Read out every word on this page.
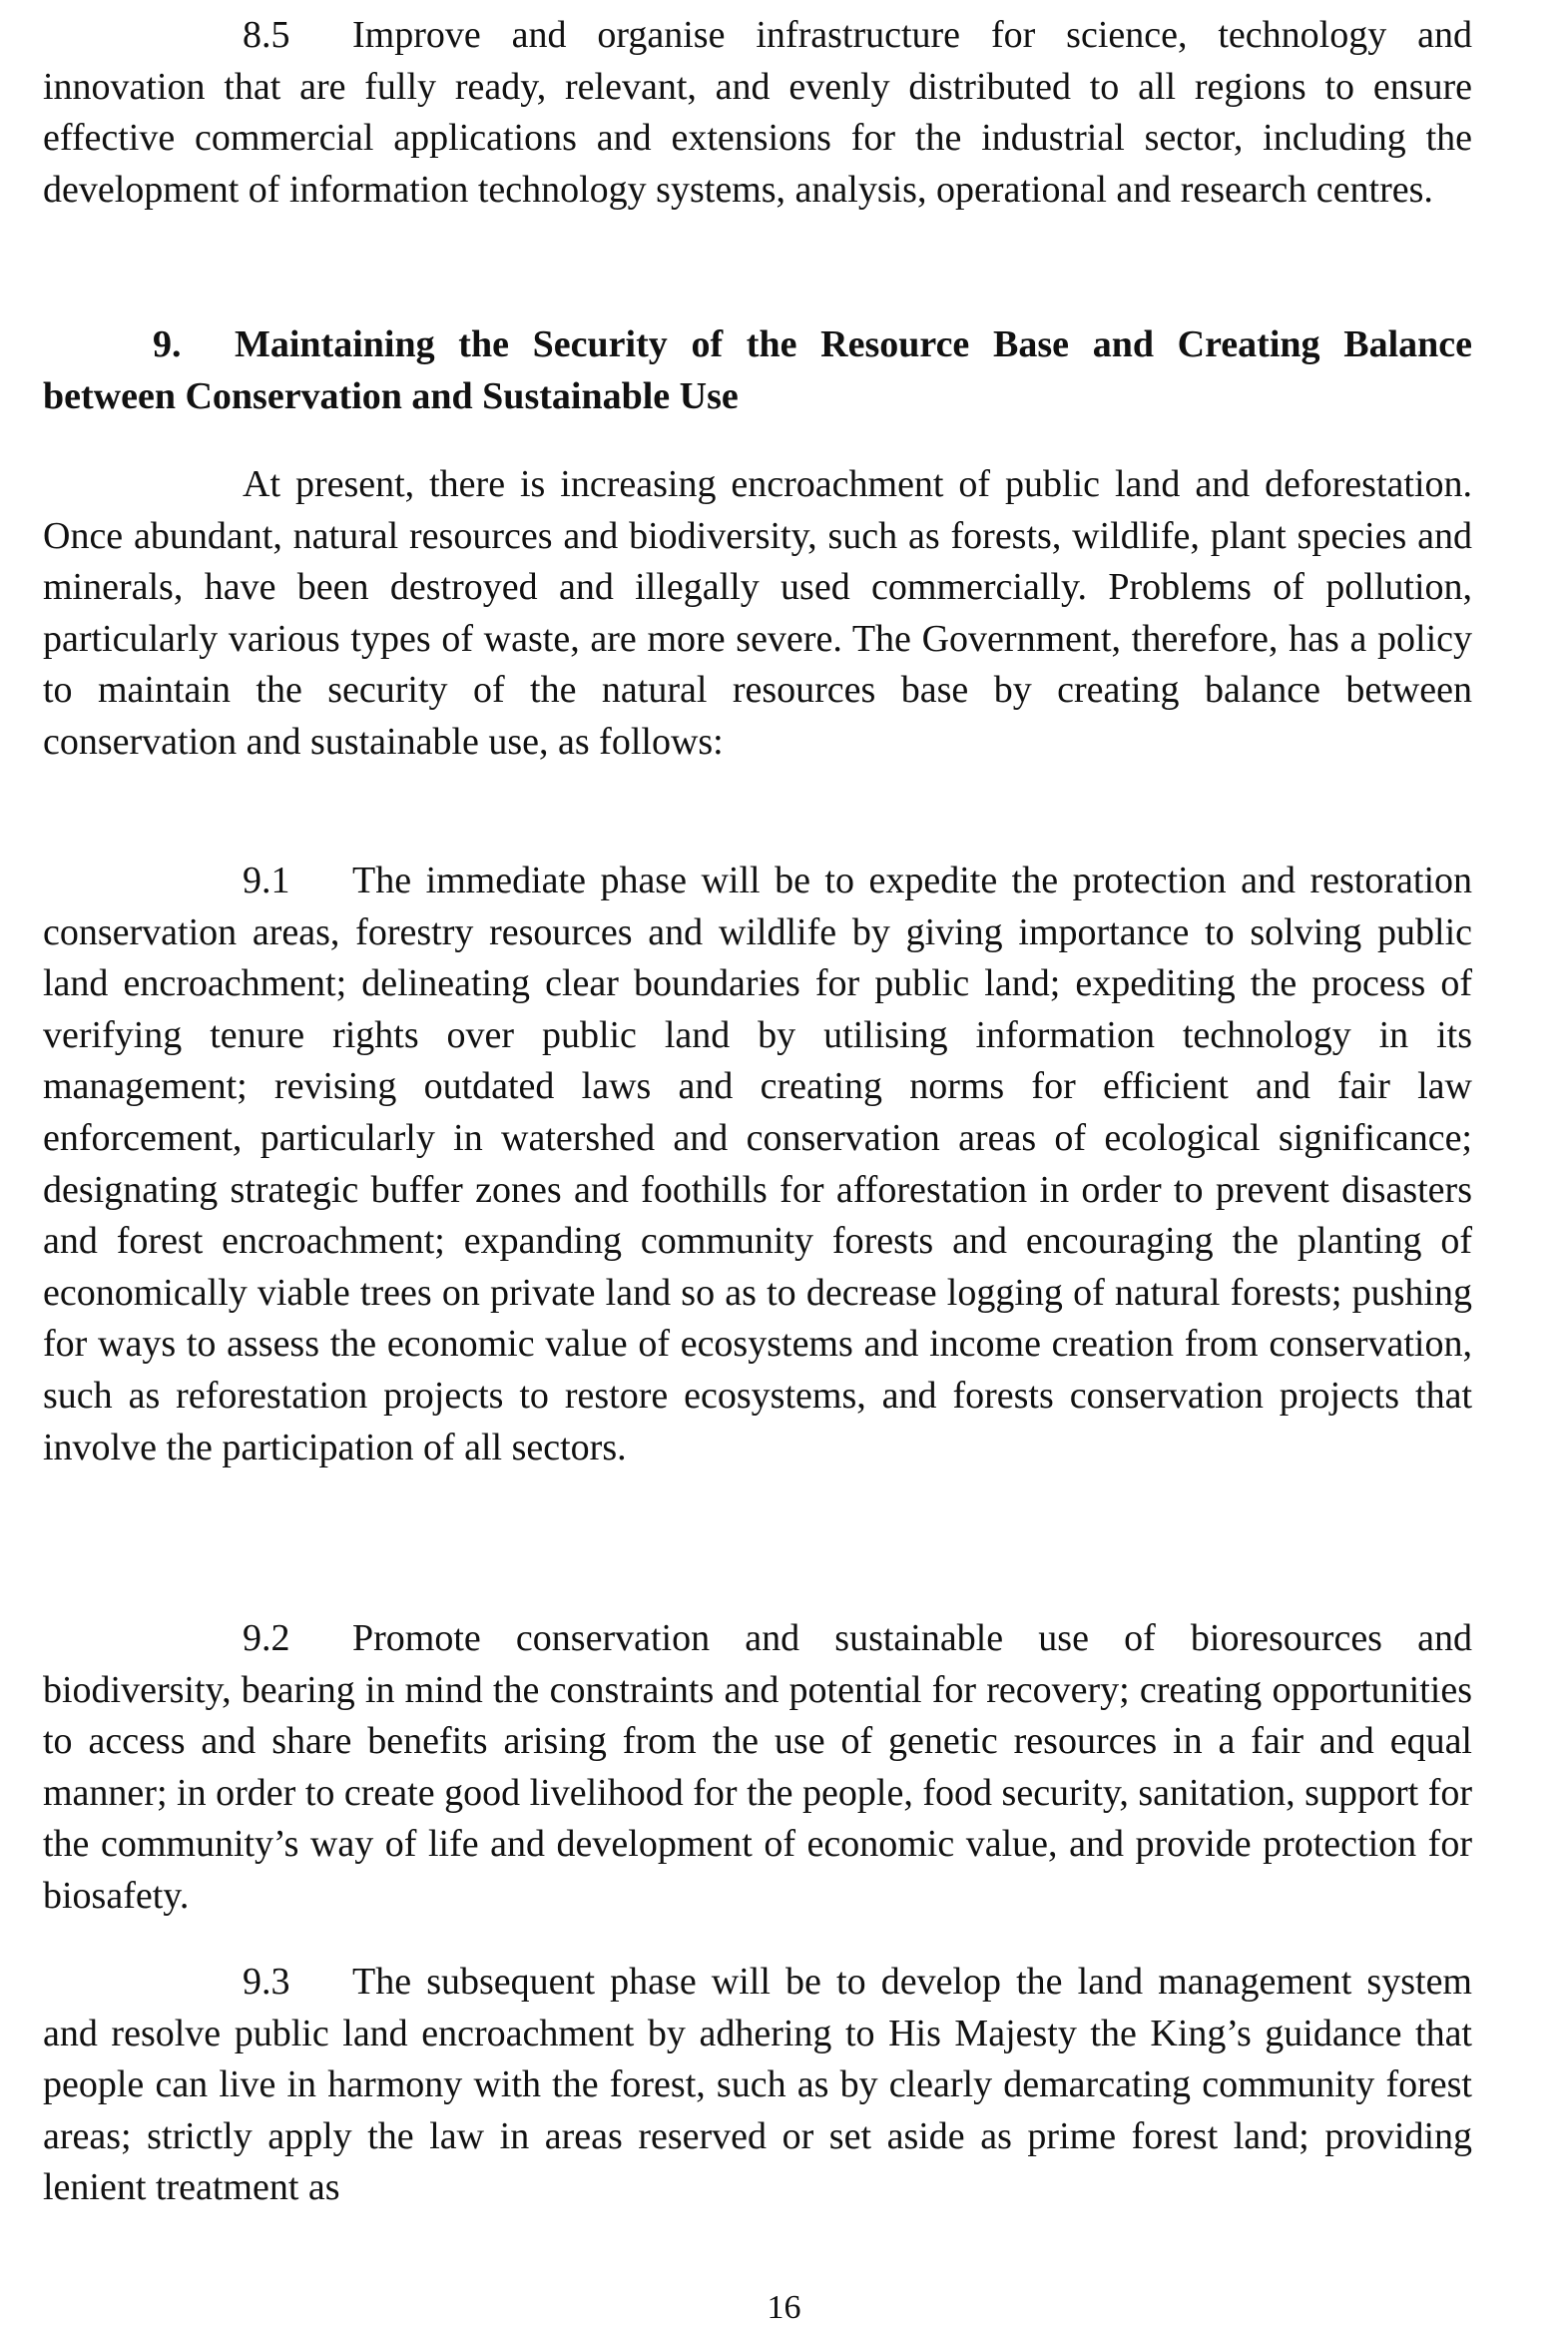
8.5 Improve and organise infrastructure for science, technology and innovation that are fully ready, relevant, and evenly distributed to all regions to ensure effective commercial applications and extensions for the industrial sector, including the development of information technology systems, analysis, operational and research centres.

9. Maintaining the Security of the Resource Base and Creating Balance between Conservation and Sustainable Use

At present, there is increasing encroachment of public land and deforestation. Once abundant, natural resources and biodiversity, such as forests, wildlife, plant species and minerals, have been destroyed and illegally used commercially. Problems of pollution, particularly various types of waste, are more severe. The Government, therefore, has a policy to maintain the security of the natural resources base by creating balance between conservation and sustainable use, as follows:

9.1 The immediate phase will be to expedite the protection and restoration conservation areas, forestry resources and wildlife by giving importance to solving public land encroachment; delineating clear boundaries for public land; expediting the process of verifying tenure rights over public land by utilising information technology in its management; revising outdated laws and creating norms for efficient and fair law enforcement, particularly in watershed and conservation areas of ecological significance; designating strategic buffer zones and foothills for afforestation in order to prevent disasters and forest encroachment; expanding community forests and encouraging the planting of economically viable trees on private land so as to decrease logging of natural forests; pushing for ways to assess the economic value of ecosystems and income creation from conservation, such as reforestation projects to restore ecosystems, and forests conservation projects that involve the participation of all sectors.

9.2 Promote conservation and sustainable use of bioresources and biodiversity, bearing in mind the constraints and potential for recovery; creating opportunities to access and share benefits arising from the use of genetic resources in a fair and equal manner; in order to create good livelihood for the people, food security, sanitation, support for the community’s way of life and development of economic value, and provide protection for biosafety.

9.3 The subsequent phase will be to develop the land management system and resolve public land encroachment by adhering to His Majesty the King’s guidance that people can live in harmony with the forest, such as by clearly demarcating community forest areas; strictly apply the law in areas reserved or set aside as prime forest land; providing lenient treatment as

16
